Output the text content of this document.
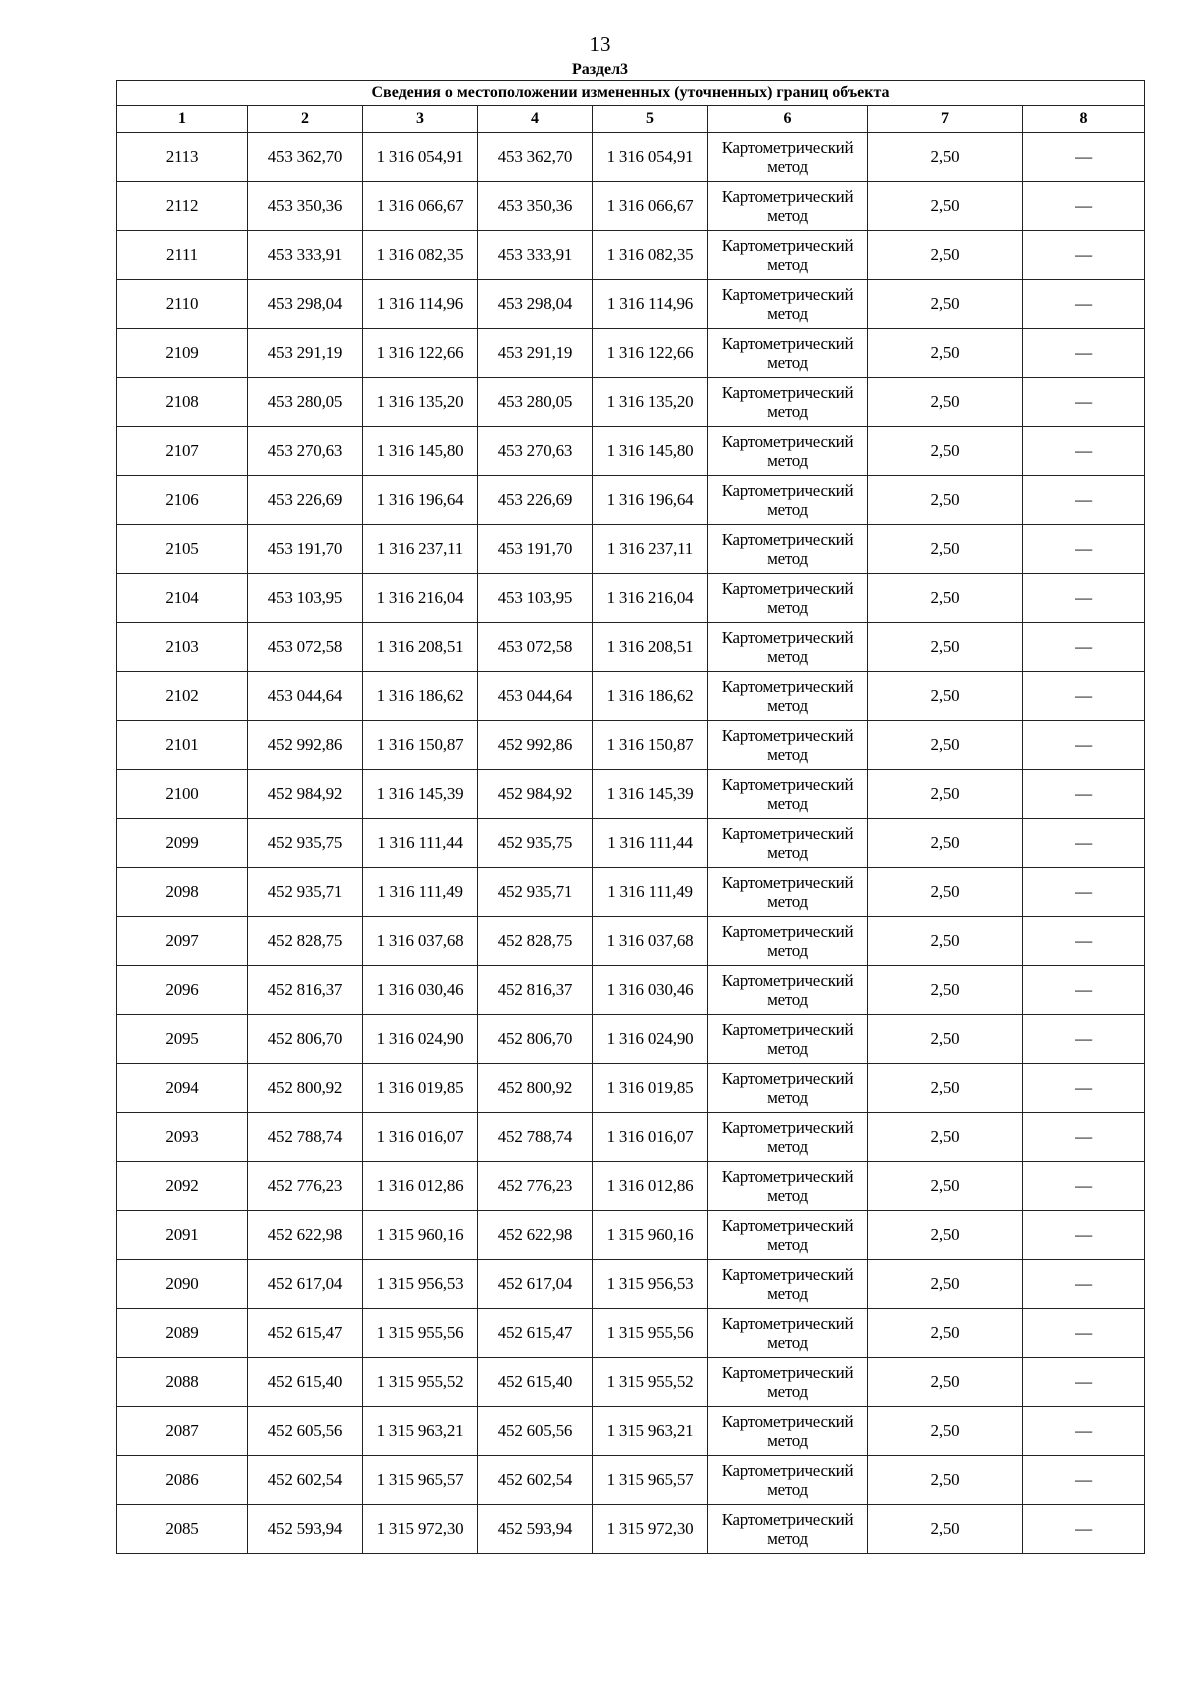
13
Раздел3
Сведения о местоположении измененных (уточненных) границ объекта							
1	2	3	4	5	6	7	8
2113	453 362,70	1 316 054,91	453 362,70	1 316 054,91	Картометрический метод	2,50	—
2112	453 350,36	1 316 066,67	453 350,36	1 316 066,67	Картометрический метод	2,50	—
2111	453 333,91	1 316 082,35	453 333,91	1 316 082,35	Картометрический метод	2,50	—
2110	453 298,04	1 316 114,96	453 298,04	1 316 114,96	Картометрический метод	2,50	—
2109	453 291,19	1 316 122,66	453 291,19	1 316 122,66	Картометрический метод	2,50	—
2108	453 280,05	1 316 135,20	453 280,05	1 316 135,20	Картометрический метод	2,50	—
2107	453 270,63	1 316 145,80	453 270,63	1 316 145,80	Картометрический метод	2,50	—
2106	453 226,69	1 316 196,64	453 226,69	1 316 196,64	Картометрический метод	2,50	—
2105	453 191,70	1 316 237,11	453 191,70	1 316 237,11	Картометрический метод	2,50	—
2104	453 103,95	1 316 216,04	453 103,95	1 316 216,04	Картометрический метод	2,50	—
2103	453 072,58	1 316 208,51	453 072,58	1 316 208,51	Картометрический метод	2,50	—
2102	453 044,64	1 316 186,62	453 044,64	1 316 186,62	Картометрический метод	2,50	—
2101	452 992,86	1 316 150,87	452 992,86	1 316 150,87	Картометрический метод	2,50	—
2100	452 984,92	1 316 145,39	452 984,92	1 316 145,39	Картометрический метод	2,50	—
2099	452 935,75	1 316 111,44	452 935,75	1 316 111,44	Картометрический метод	2,50	—
2098	452 935,71	1 316 111,49	452 935,71	1 316 111,49	Картометрический метод	2,50	—
2097	452 828,75	1 316 037,68	452 828,75	1 316 037,68	Картометрический метод	2,50	—
2096	452 816,37	1 316 030,46	452 816,37	1 316 030,46	Картометрический метод	2,50	—
2095	452 806,70	1 316 024,90	452 806,70	1 316 024,90	Картометрический метод	2,50	—
2094	452 800,92	1 316 019,85	452 800,92	1 316 019,85	Картометрический метод	2,50	—
2093	452 788,74	1 316 016,07	452 788,74	1 316 016,07	Картометрический метод	2,50	—
2092	452 776,23	1 316 012,86	452 776,23	1 316 012,86	Картометрический метод	2,50	—
2091	452 622,98	1 315 960,16	452 622,98	1 315 960,16	Картометрический метод	2,50	—
2090	452 617,04	1 315 956,53	452 617,04	1 315 956,53	Картометрический метод	2,50	—
2089	452 615,47	1 315 955,56	452 615,47	1 315 955,56	Картометрический метод	2,50	—
2088	452 615,40	1 315 955,52	452 615,40	1 315 955,52	Картометрический метод	2,50	—
2087	452 605,56	1 315 963,21	452 605,56	1 315 963,21	Картометрический метод	2,50	—
2086	452 602,54	1 315 965,57	452 602,54	1 315 965,57	Картометрический метод	2,50	—
2085	452 593,94	1 315 972,30	452 593,94	1 315 972,30	Картометрический метод	2,50	—
